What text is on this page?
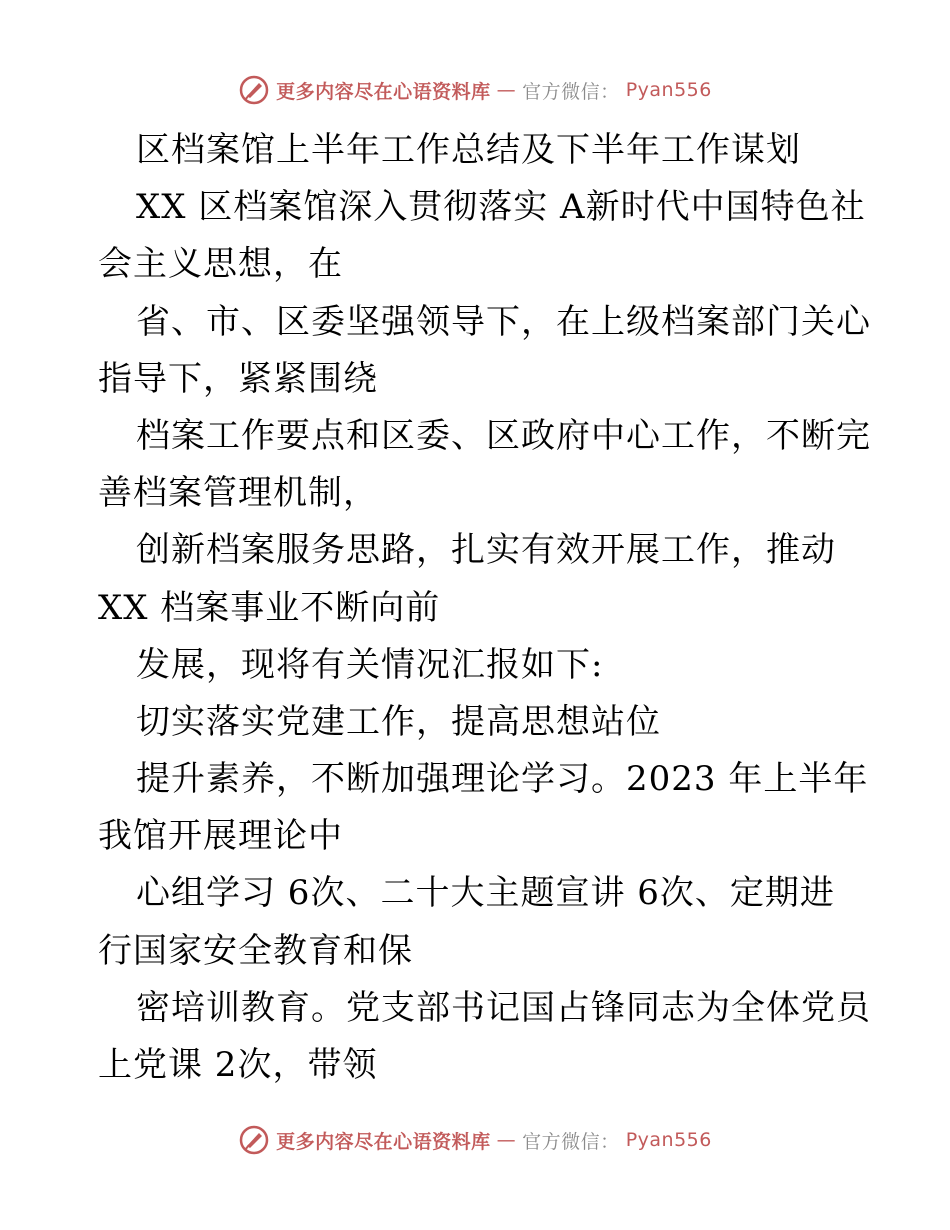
更多内容尽在心语资料库 — 官方微信： Pyan556
区档案馆上半年工作总结及下半年工作谋划
XX 区档案馆深入贯彻落实 A新时代中国特色社
会主义思想，在
省、市、区委坚强领导下，在上级档案部门关心
指导下，紧紧围绕
档案工作要点和区委、区政府中心工作，不断完
善档案管理机制，
创新档案服务思路，扎实有效开展工作，推动
XX 档案事业不断向前
发展，现将有关情况汇报如下:
切实落实党建工作，提高思想站位
提升素养，不断加强理论学习。2023 年上半年
我馆开展理论中
心组学习 6次、二十大主题宣讲 6次、定期进
行国家安全教育和保
密培训教育。党支部书记国占锋同志为全体党员
上党课 2次，带领
更多内容尽在心语资料库 — 官方微信： Pyan556
